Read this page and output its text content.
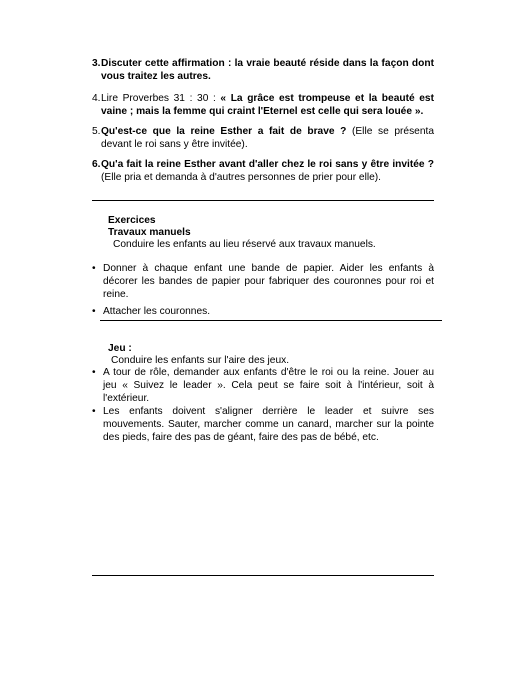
3. Discuter cette affirmation : la vraie beauté réside dans la façon dont vous traitez les autres.
4. Lire Proverbes 31 : 30 : « La grâce est trompeuse et la beauté est vaine ; mais la femme qui craint l'Eternel est celle qui sera louée ».
5. Qu'est-ce que la reine Esther a fait de brave ? (Elle se présenta devant le roi sans y être invitée).
6. Qu'a fait la reine Esther avant d'aller chez le roi sans y être invitée ? (Elle pria et demanda à d'autres personnes de prier pour elle).
Exercices
Travaux manuels
Conduire les enfants au lieu réservé aux travaux manuels.
• Donner à chaque enfant une bande de papier. Aider les enfants à décorer les bandes de papier pour fabriquer des couronnes pour roi et reine.
• Attacher les couronnes.
Jeu :
Conduire les enfants sur l'aire des jeux.
• A tour de rôle, demander aux enfants d'être le roi ou la reine. Jouer au jeu « Suivez le leader ». Cela peut se faire soit à l'intérieur, soit à l'extérieur.
• Les enfants doivent s'aligner derrière le leader et suivre ses mouvements. Sauter, marcher comme un canard, marcher sur la pointe des pieds, faire des pas de géant, faire des pas de bébé, etc.
